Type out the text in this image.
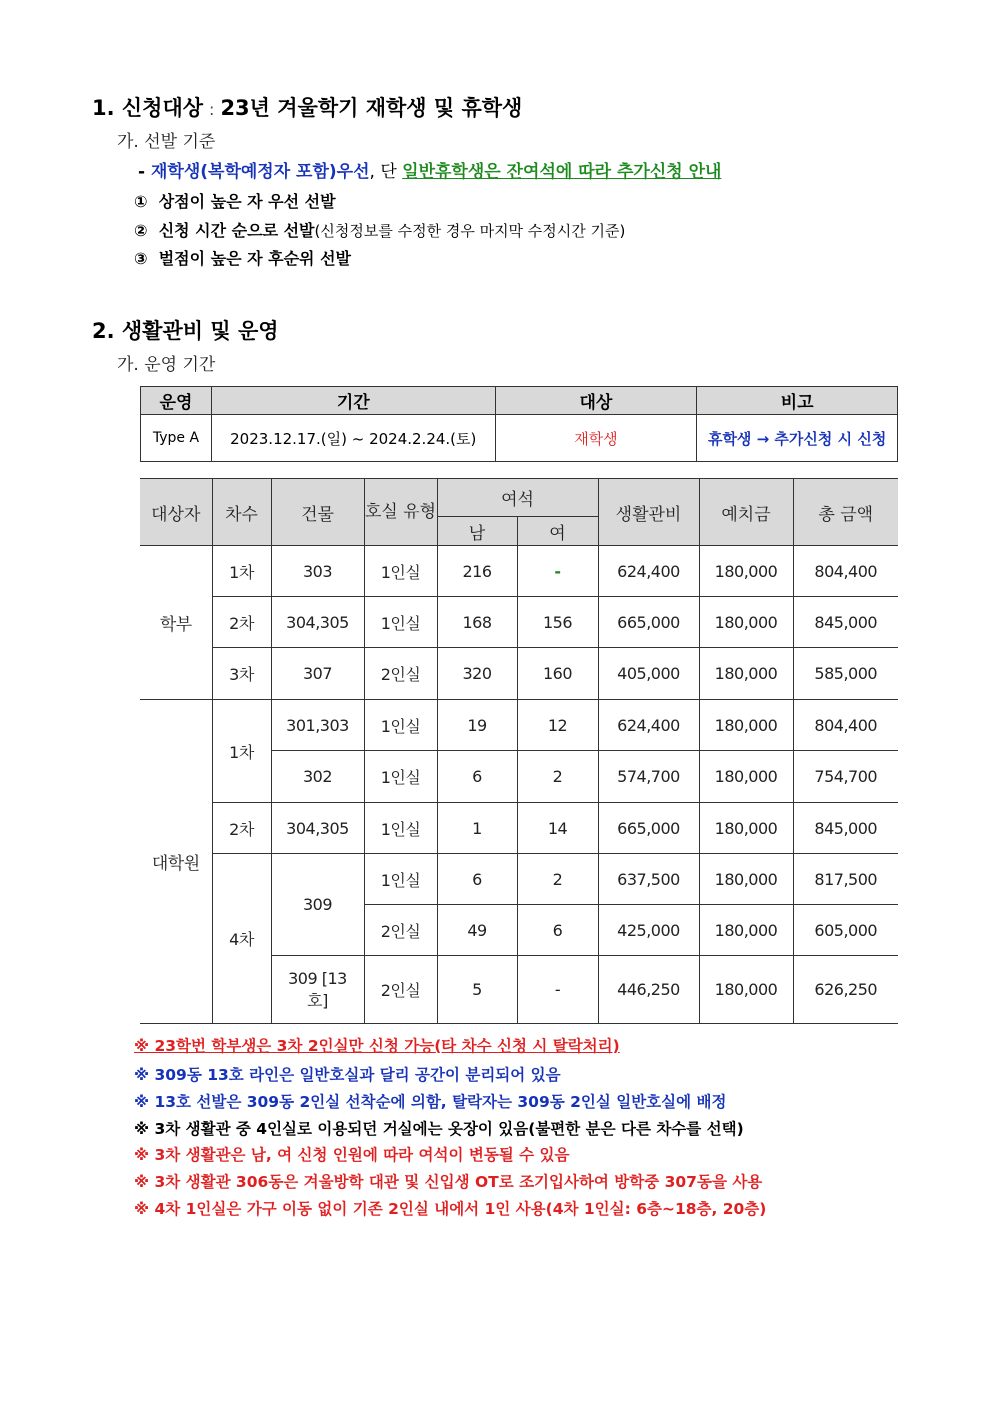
1. 신청대상 : 23년 겨울학기 재학생 및 휴학생
가. 선발 기준
- 재학생(복학예정자 포함)우선, 단 일반휴학생은 잔여석에 따라 추가신청 안내
① 상점이 높은 자 우선 선발
② 신청 시간 순으로 선발(신청정보를 수정한 경우 마지막 수정시간 기준)
③ 벌점이 높은 자 후순위 선발
2. 생활관비 및 운영
가. 운영 기간
운영	기간	대상	비고
Type A	2023.12.17.(일) ~ 2024.2.24.(토)	재학생	휴학생 → 추가신청 시 신청
대상자	차수	건물	호실 유형	여석		생활관비	예치금	총 금액
				남	여			
학부	1차	303	1인실	216	-	624,400	180,000	804,400
	2차	304,305	1인실	168	156	665,000	180,000	845,000
	3차	307	2인실	320	160	405,000	180,000	585,000
대학원	1차	301,303	1인실	19	12	624,400	180,000	804,400
		302	1인실	6	2	574,700	180,000	754,700
	2차	304,305	1인실	1	14	665,000	180,000	845,000
	4차	309	1인실	6	2	637,500	180,000	817,500
			2인실	49	6	425,000	180,000	605,000
		309 [13호]	2인실	5	-	446,250	180,000	626,250
※ 23학번 학부생은 3차 2인실만 신청 가능(타 차수 신청 시 탈락처리)
※ 309동 13호 라인은 일반호실과 달리 공간이 분리되어 있음
※ 13호 선발은 309동 2인실 선착순에 의함, 탈락자는 309동 2인실 일반호실에 배정
※ 3차 생활관 중 4인실로 이용되던 거실에는 옷장이 있음(불편한 분은 다른 차수를 선택)
※ 3차 생활관은 남, 여 신청 인원에 따라 여석이 변동될 수 있음
※ 3차 생활관 306동은 겨울방학 대관 및 신입생 OT로 조기입사하여 방학중 307동을 사용
※ 4차 1인실은 가구 이동 없이 기존 2인실 내에서 1인 사용(4차 1인실: 6층~18층, 20층)
